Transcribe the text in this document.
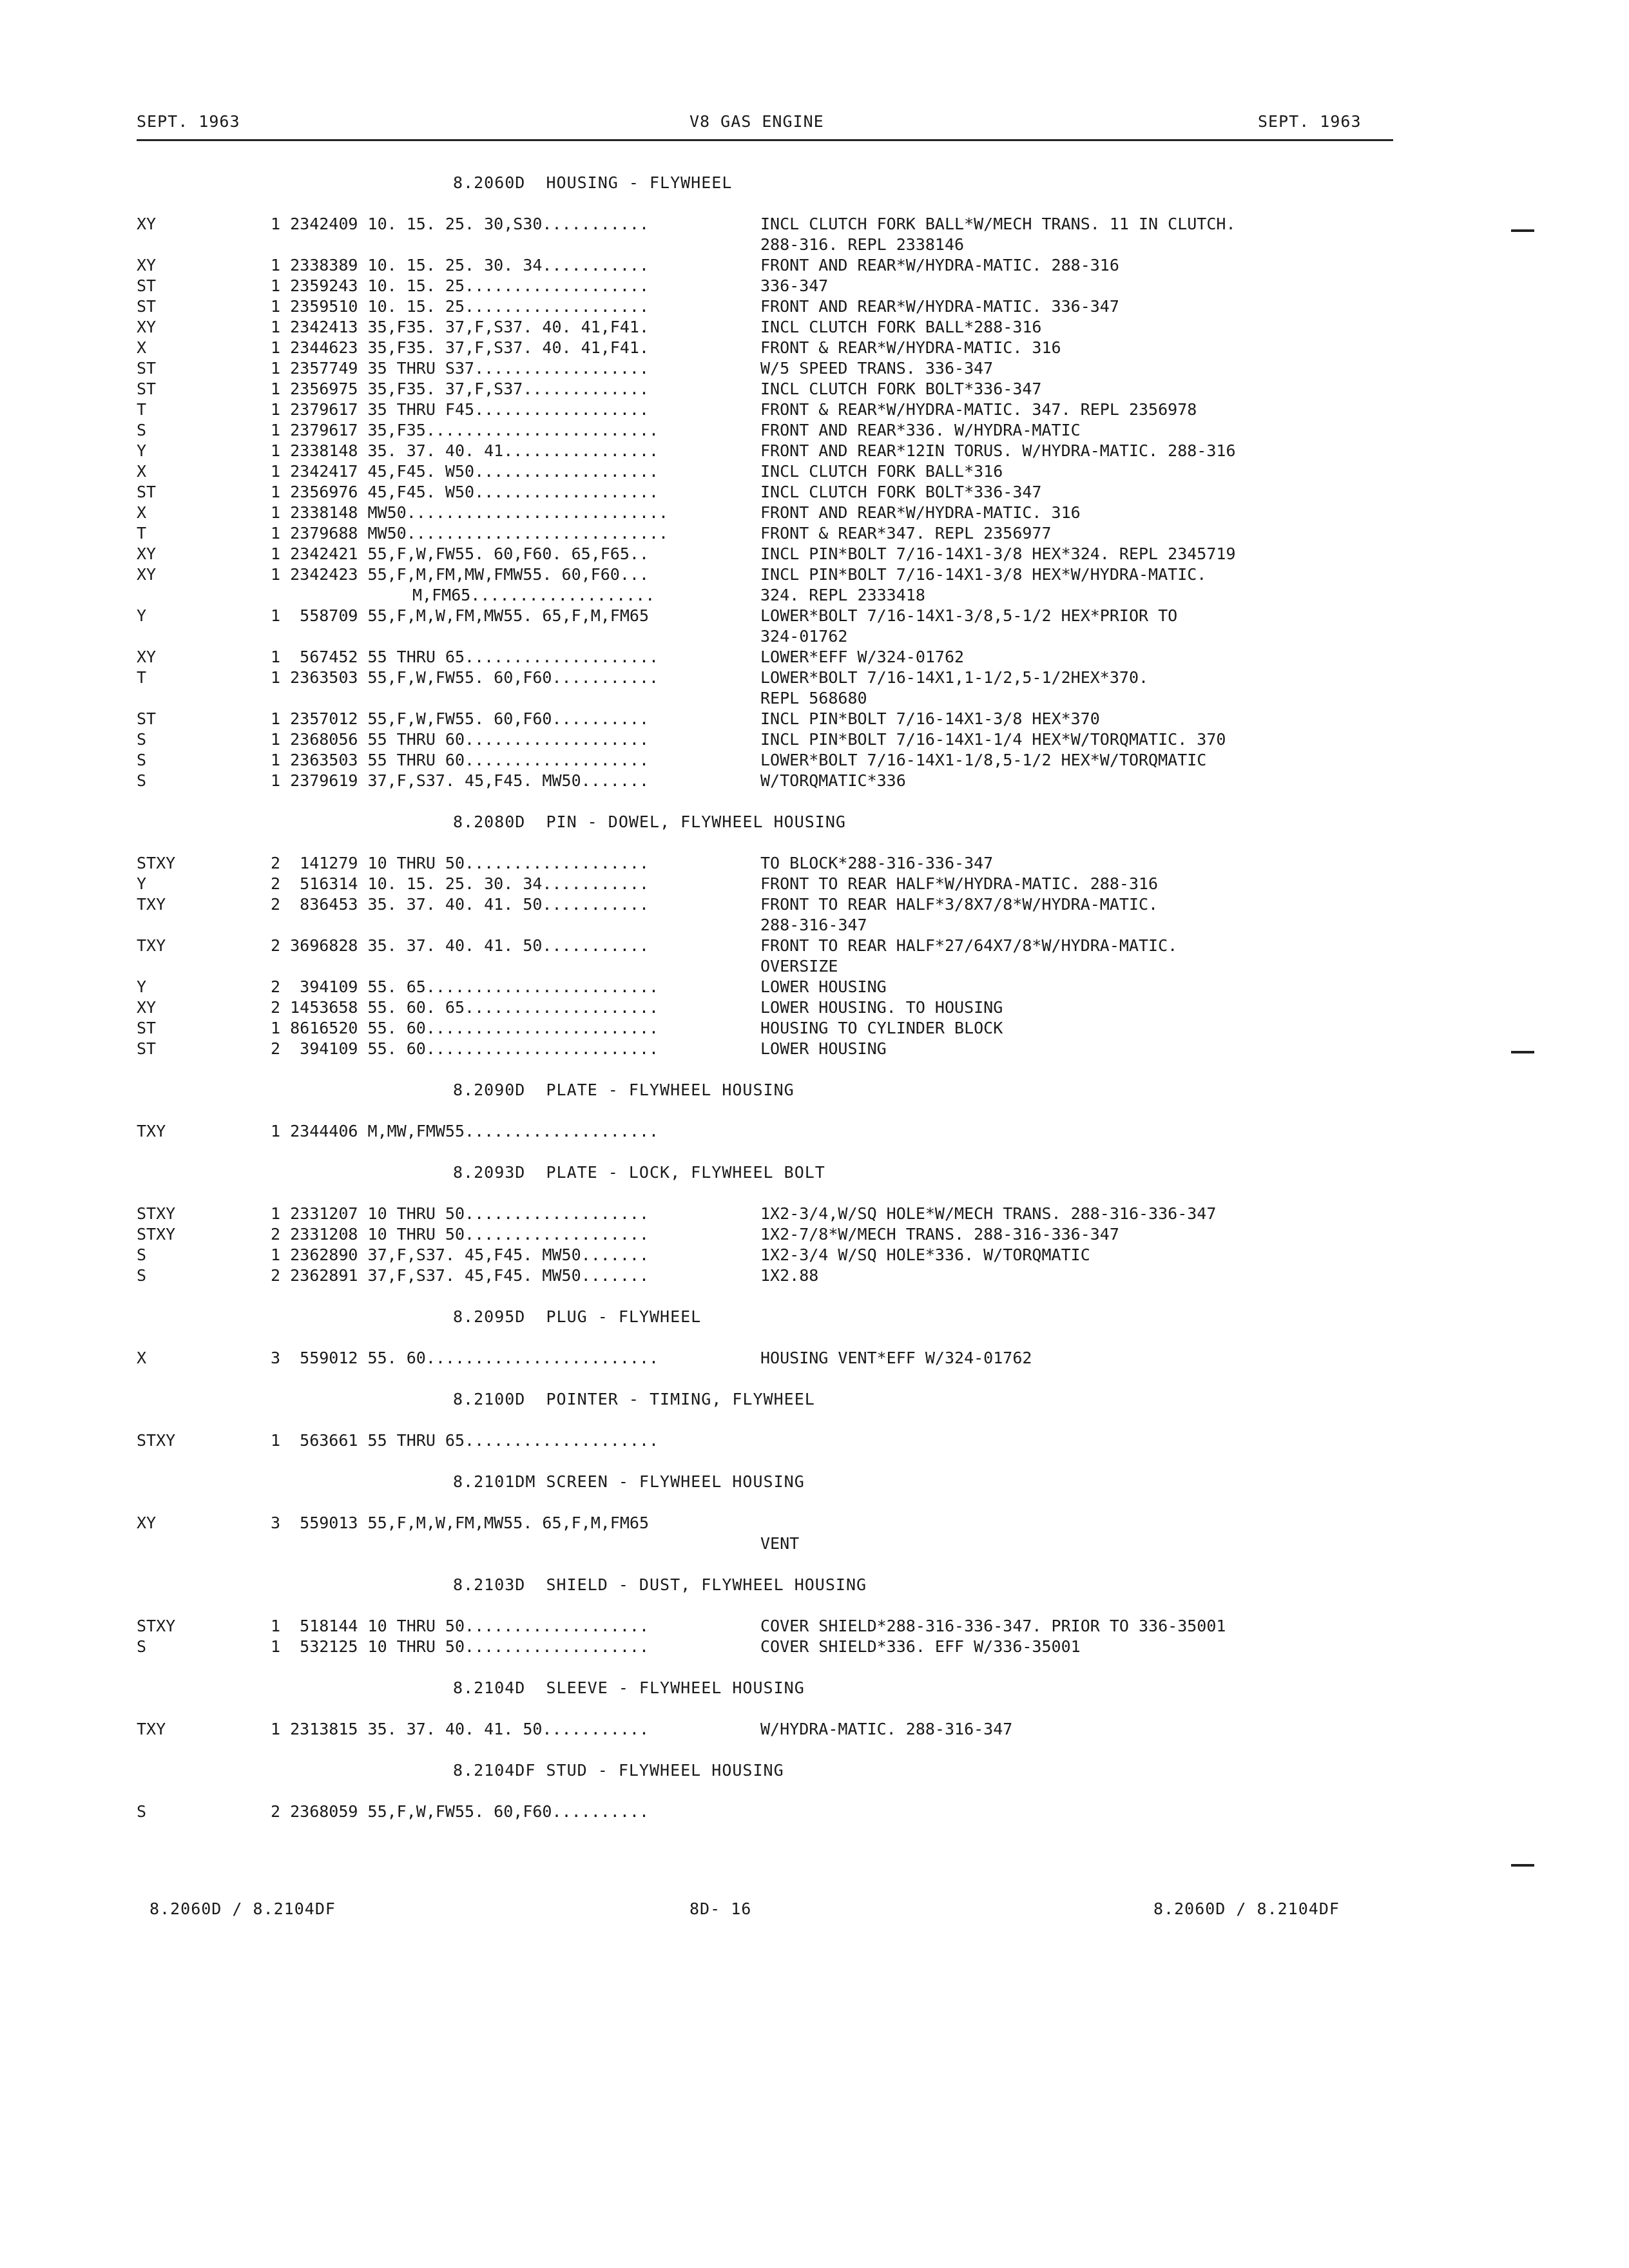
SEPT. 1963	V8 GAS ENGINE	SEPT. 1963
8.2060D  HOUSING - FLYWHEEL
XY	1 2342409 10. 15. 25. 30,S30...........	INCL CLUTCH FORK BALL*W/MECH TRANS. 11 IN CLUTCH.
288-316. REPL 2338146
XY	1 2338389 10. 15. 25. 30. 34...........	FRONT AND REAR*W/HYDRA-MATIC. 288-316
ST	1 2359243 10. 15. 25...................	336-347
ST	1 2359510 10. 15. 25...................	FRONT AND REAR*W/HYDRA-MATIC. 336-347
XY	1 2342413 35,F35. 37,F,S37. 40. 41,F41.	INCL CLUTCH FORK BALL*288-316
X	1 2344623 35,F35. 37,F,S37. 40. 41,F41.	FRONT & REAR*W/HYDRA-MATIC. 316
ST	1 2357749 35 THRU S37..................	W/5 SPEED TRANS. 336-347
ST	1 2356975 35,F35. 37,F,S37.............	INCL CLUTCH FORK BOLT*336-347
T	1 2379617 35 THRU F45..................	FRONT & REAR*W/HYDRA-MATIC. 347. REPL 2356978
S	1 2379617 35,F35........................	FRONT AND REAR*336. W/HYDRA-MATIC
Y	1 2338148 35. 37. 40. 41................	FRONT AND REAR*12IN TORUS. W/HYDRA-MATIC. 288-316
X	1 2342417 45,F45. W50...................	INCL CLUTCH FORK BALL*316
ST	1 2356976 45,F45. W50...................	INCL CLUTCH FORK BOLT*336-347
X	1 2338148 MW50...........................	FRONT AND REAR*W/HYDRA-MATIC. 316
T	1 2379688 MW50...........................	FRONT & REAR*347. REPL 2356977
XY	1 2342421 55,F,W,FW55. 60,F60. 65,F65..	INCL PIN*BOLT 7/16-14X1-3/8 HEX*324. REPL 2345719
XY	1 2342423 55,F,M,FM,MW,FMW55. 60,F60...	INCL PIN*BOLT 7/16-14X1-3/8 HEX*W/HYDRA-MATIC.
M,FM65...................	324. REPL 2333418
Y	1  558709 55,F,M,W,FM,MW55. 65,F,M,FM65	LOWER*BOLT 7/16-14X1-3/8,5-1/2 HEX*PRIOR TO
324-01762
XY	1  567452 55 THRU 65....................	LOWER*EFF W/324-01762
T	1 2363503 55,F,W,FW55. 60,F60...........	LOWER*BOLT 7/16-14X1,1-1/2,5-1/2HEX*370.
REPL 568680
ST	1 2357012 55,F,W,FW55. 60,F60..........	INCL PIN*BOLT 7/16-14X1-3/8 HEX*370
S	1 2368056 55 THRU 60...................	INCL PIN*BOLT 7/16-14X1-1/4 HEX*W/TORQMATIC. 370
S	1 2363503 55 THRU 60...................	LOWER*BOLT 7/16-14X1-1/8,5-1/2 HEX*W/TORQMATIC
S	1 2379619 37,F,S37. 45,F45. MW50.......	W/TORQMATIC*336
8.2080D  PIN - DOWEL, FLYWHEEL HOUSING
STXY	2  141279 10 THRU 50...................	TO BLOCK*288-316-336-347
Y	2  516314 10. 15. 25. 30. 34...........	FRONT TO REAR HALF*W/HYDRA-MATIC. 288-316
TXY	2  836453 35. 37. 40. 41. 50...........	FRONT TO REAR HALF*3/8X7/8*W/HYDRA-MATIC.
288-316-347
TXY	2 3696828 35. 37. 40. 41. 50...........	FRONT TO REAR HALF*27/64X7/8*W/HYDRA-MATIC.
OVERSIZE
Y	2  394109 55. 65........................	LOWER HOUSING
XY	2 1453658 55. 60. 65....................	LOWER HOUSING. TO HOUSING
ST	1 8616520 55. 60........................	HOUSING TO CYLINDER BLOCK
ST	2  394109 55. 60........................	LOWER HOUSING
8.2090D  PLATE - FLYWHEEL HOUSING
TXY	1 2344406 M,MW,FMW55....................
8.2093D  PLATE - LOCK, FLYWHEEL BOLT
STXY	1 2331207 10 THRU 50...................	1X2-3/4,W/SQ HOLE*W/MECH TRANS. 288-316-336-347
STXY	2 2331208 10 THRU 50...................	1X2-7/8*W/MECH TRANS. 288-316-336-347
S	1 2362890 37,F,S37. 45,F45. MW50.......	1X2-3/4 W/SQ HOLE*336. W/TORQMATIC
S	2 2362891 37,F,S37. 45,F45. MW50.......	1X2.88
8.2095D  PLUG - FLYWHEEL
X	3  559012 55. 60........................	HOUSING VENT*EFF W/324-01762
8.2100D  POINTER - TIMING, FLYWHEEL
STXY	1  563661 55 THRU 65....................
8.2101DM SCREEN - FLYWHEEL HOUSING
XY	3  559013 55,F,M,W,FM,MW55. 65,F,M,FM65
VENT
8.2103D  SHIELD - DUST, FLYWHEEL HOUSING
STXY	1  518144 10 THRU 50...................	COVER SHIELD*288-316-336-347. PRIOR TO 336-35001
S	1  532125 10 THRU 50...................	COVER SHIELD*336. EFF W/336-35001
8.2104D  SLEEVE - FLYWHEEL HOUSING
TXY	1 2313815 35. 37. 40. 41. 50...........	W/HYDRA-MATIC. 288-316-347
8.2104DF STUD - FLYWHEEL HOUSING
S	2 2368059 55,F,W,FW55. 60,F60..........
8.2060D / 8.2104DF	8D- 16	8.2060D / 8.2104DF
